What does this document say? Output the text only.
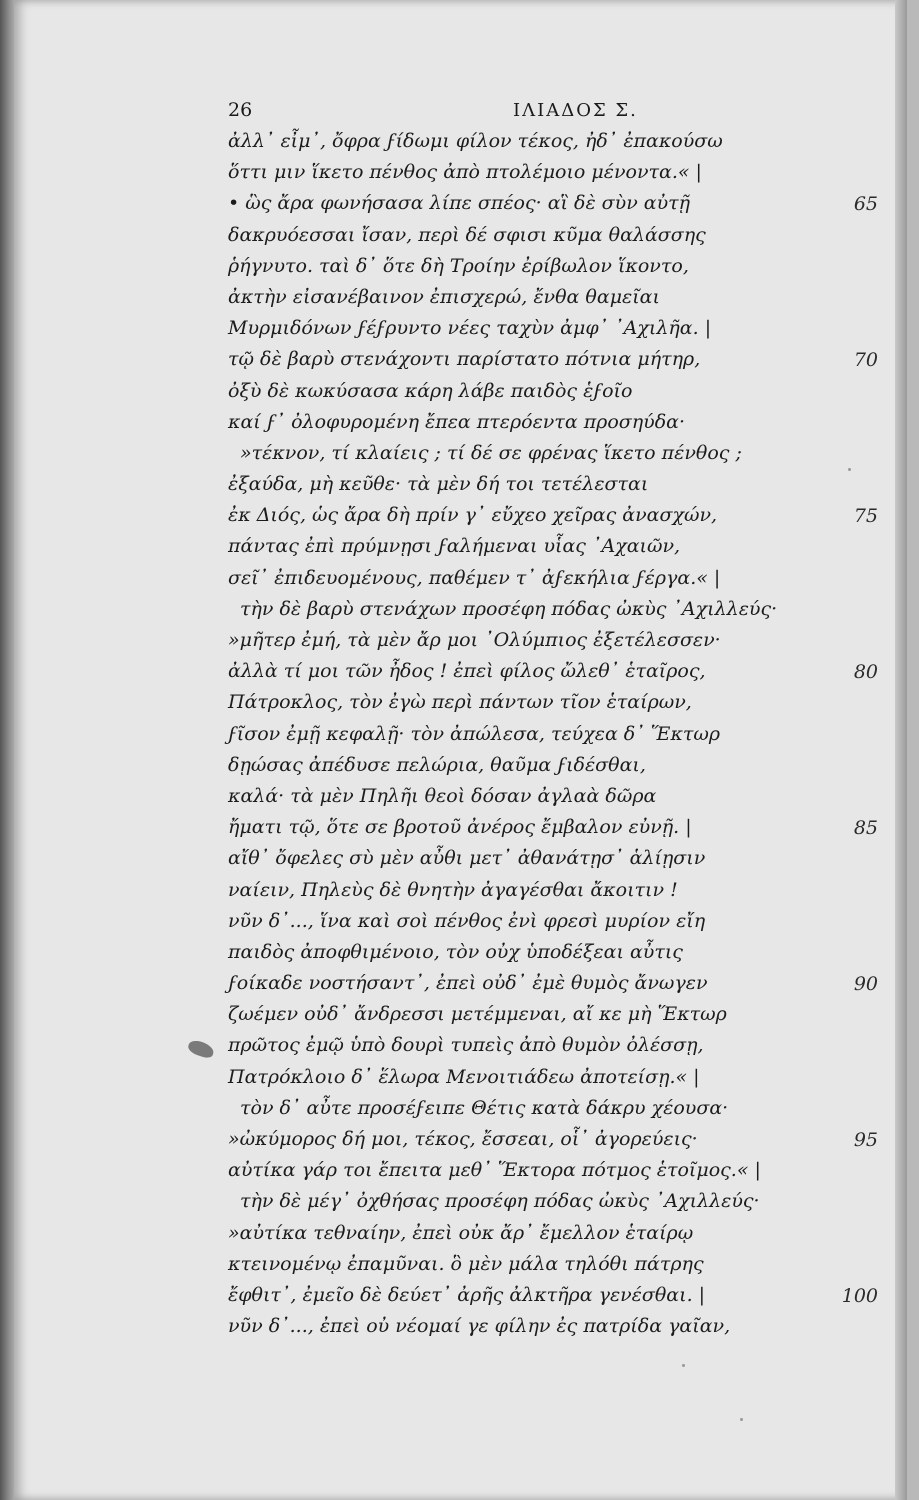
26	ΙΛΙΑΔΟΣ Σ.
ἀλλ᾽ εἶμ᾽, ὄφρα ϝίδωμι φίλον τέκος, ἠδ᾽ ἐπακούσω
ὅττι μιν ἵκετο πένθος ἀπὸ πτολέμοιο μένοντα.« |
• ὣς ἄρα φωνήσασα λίπε σπέος· αἳ δὲ σὺν αὐτῇ	65
δακρυόεσσαι ἴσαν, περὶ δέ σφισι κῦμα θαλάσσης
ῥήγνυτο. ταὶ δ᾽ ὅτε δὴ Τροίην ἐρίβωλον ἵκοντο,
ἀκτὴν εἰσανέβαινον ἐπισχερώ, ἔνθα θαμεῖαι
Μυρμιδόνων ϝέϝρυντο νέες ταχὺν ἀμφ᾽ ᾽Αχιλῆα. |
τῷ δὲ βαρὺ στενάχοντι παρίστατο πότνια μήτηρ,	70
ὀξὺ δὲ κωκύσασα κάρη λάβε παιδὸς ἑϝοῖο
καί ϝ᾽ ὀλοφυρομένη ἔπεα πτερόεντα προσηύδα·
»τέκνον, τί κλαίεις ; τί δέ σε φρένας ἵκετο πένθος ;
ἐξαύδα, μὴ κεῦθε· τὰ μὲν δή τοι τετέλεσται
ἐκ Διός, ὡς ἄρα δὴ πρίν γ᾽ εὔχεο χεῖρας ἀνασχών,	75
πάντας ἐπὶ πρύμνῃσι ϝαλήμεναι υἷας ᾽Αχαιῶν,
σεῖ᾽ ἐπιδευομένους, παθέμεν τ᾽ ἀϝεκήλια ϝέργα.« |
τὴν δὲ βαρὺ στενάχων προσέφη πόδας ὠκὺς ᾽Αχιλλεύς·
»μῆτερ ἐμή, τὰ μὲν ἄρ μοι ᾽Ολύμπιος ἐξετέλεσσεν·
ἀλλὰ τί μοι τῶν ἦδος ! ἐπεὶ φίλος ὤλεθ᾽ ἑταῖρος,	80
Πάτροκλος, τὸν ἐγὼ περὶ πάντων τῖον ἑταίρων,
ϝῖσον ἐμῇ κεφαλῇ· τὸν ἀπώλεσα, τεύχεα δ᾽ Ἕκτωρ
δῃώσας ἀπέδυσε πελώρια, θαῦμα ϝιδέσθαι,
καλά· τὰ μὲν Πηλῆι θεοὶ δόσαν ἀγλαὰ δῶρα
ἤματι τῷ, ὅτε σε βροτοῦ ἀνέρος ἔμβαλον εὐνῇ. |	85
αἴθ᾽ ὄφελες σὺ μὲν αὖθι μετ᾽ ἀθανάτῃσ᾽ ἁλίῃσιν
ναίειν, Πηλεὺς δὲ θνητὴν ἀγαγέσθαι ἄκοιτιν !
νῦν δ᾽..., ἵνα καὶ σοὶ πένθος ἐνὶ φρεσὶ μυρίον εἴη
παιδὸς ἀποφθιμένοιο, τὸν οὐχ ὑποδέξεαι αὖτις
ϝοίκαδε νοστήσαντ᾽, ἐπεὶ οὐδ᾽ ἐμὲ θυμὸς ἄνωγεν	90
ζωέμεν οὐδ᾽ ἄνδρεσσι μετέμμεναι, αἴ κε μὴ Ἕκτωρ
πρῶτος ἐμῷ ὑπὸ δουρὶ τυπεὶς ἀπὸ θυμὸν ὀλέσσῃ,
Πατρόκλοιο δ᾽ ἕλωρα Μενοιτιάδεω ἀποτείσῃ.« |
τὸν δ᾽ αὖτε προσέϝειπε Θέτις κατὰ δάκρυ χέουσα·
»ὠκύμορος δή μοι, τέκος, ἔσσεαι, οἷ᾽ ἀγορεύεις·	95
αὐτίκα γάρ τοι ἔπειτα μεθ᾽ Ἕκτορα πότμος ἑτοῖμος.« |
τὴν δὲ μέγ᾽ ὀχθήσας προσέφη πόδας ὠκὺς ᾽Αχιλλεύς·
»αὐτίκα τεθναίην, ἐπεὶ οὐκ ἄρ᾽ ἔμελλον ἑταίρῳ
κτεινομένῳ ἐπαμῦναι. ὃ μὲν μάλα τηλόθι πάτρης
ἔφθιτ᾽, ἐμεῖο δὲ δεύετ᾽ ἀρῆς ἀλκτῆρα γενέσθαι. |	100
νῦν δ᾽..., ἐπεὶ οὐ νέομαί γε φίλην ἐς πατρίδα γαῖαν,
